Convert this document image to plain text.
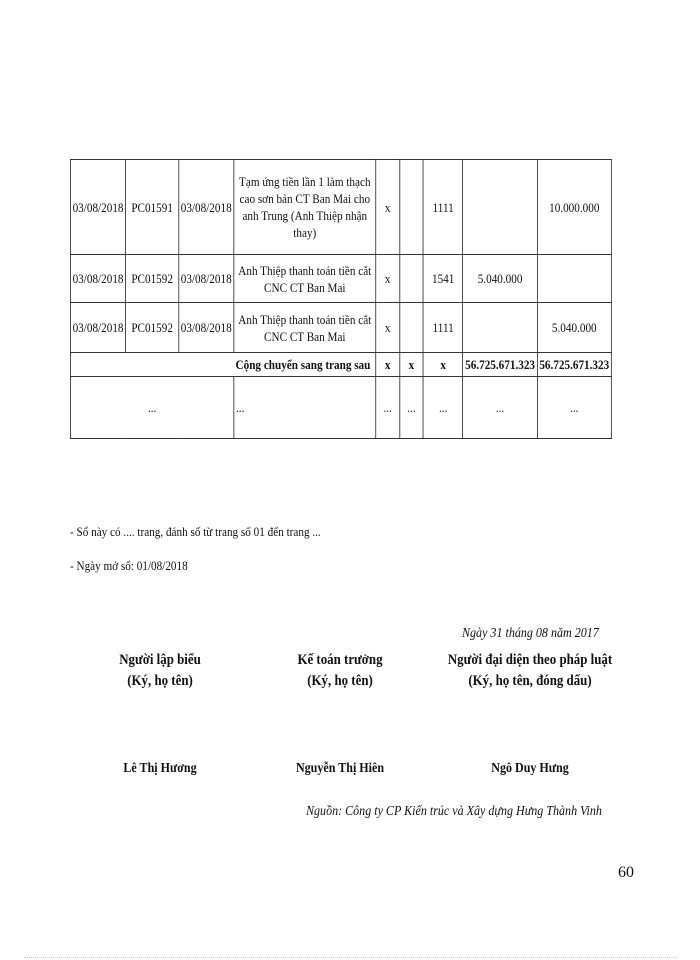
03/08/2018	PC01591	03/08/2018	Tạm ứng tiền lần 1 làm thạch cao sơn bản CT Ban Mai cho anh Trung (Anh Thiệp nhận thay)	x		1111		10.000.000
03/08/2018	PC01592	03/08/2018	Anh Thiệp thanh toán tiền cắt CNC CT Ban Mai	x		1541	5.040.000	
03/08/2018	PC01592	03/08/2018	Anh Thiệp thanh toán tiền cắt CNC CT Ban Mai	x		1111		5.040.000
			Cộng chuyển sang trang sau	x	x	x	56.725.671.323	56.725.671.323
...			...	...	...	...	...	...
- Sổ này có .... trang, đánh số từ trang số 01 đến trang ...
- Ngày mở sổ: 01/08/2018
Ngày 31 tháng 08 năm 2017
Người lập biểu
(Ký, họ tên)
Kế toán trưởng
(Ký, họ tên)
Người đại diện theo pháp luật
(Ký, họ tên, đóng dấu)
Lê Thị Hương	Nguyễn Thị Hiên	Ngô Duy Hưng
Nguồn: Công ty CP Kiến trúc và Xây dựng Hưng Thành Vinh
60
